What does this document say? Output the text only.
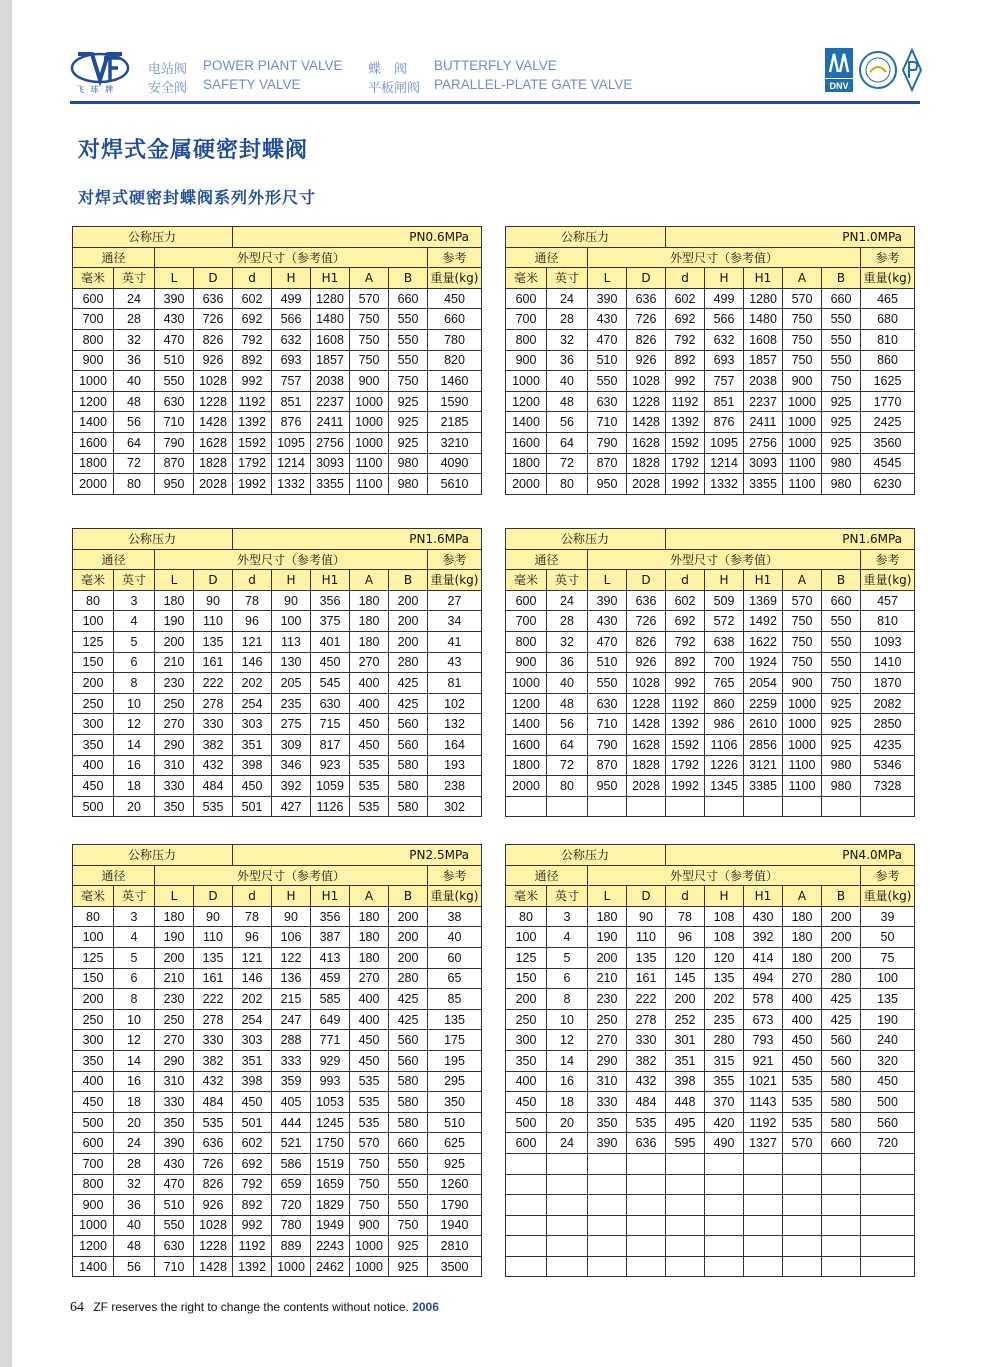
飞 球 牌
电站阀 POWER PIANT VALVE
安全阀 SAFETY VALVE
蝶　阀 BUTTERFLY VALVE
平板闸阀 PARALLEL-PLATE GATE VALVE	DNV
对焊式金属硬密封蝶阀
对焊式硬密封蝶阀系列外形尺寸
公称压力				PN0.6MPa					
通径		外型尺寸（参考值）							参考
毫米	英寸	L	D	d	H	H1	A	B	重量(kg)
600	24	390	636	602	499	1280	570	660	450
700	28	430	726	692	566	1480	750	550	660
800	32	470	826	792	632	1608	750	550	780
900	36	510	926	892	693	1857	750	550	820
1000	40	550	1028	992	757	2038	900	750	1460
1200	48	630	1228	1192	851	2237	1000	925	1590
1400	56	710	1428	1392	876	2411	1000	925	2185
1600	64	790	1628	1592	1095	2756	1000	925	3210
1800	72	870	1828	1792	1214	3093	1100	980	4090
2000	80	950	2028	1992	1332	3355	1100	980	5610
公称压力				PN1.0MPa					
通径		外型尺寸（参考值）							参考
毫米	英寸	L	D	d	H	H1	A	B	重量(kg)
600	24	390	636	602	499	1280	570	660	465
700	28	430	726	692	566	1480	750	550	680
800	32	470	826	792	632	1608	750	550	810
900	36	510	926	892	693	1857	750	550	860
1000	40	550	1028	992	757	2038	900	750	1625
1200	48	630	1228	1192	851	2237	1000	925	1770
1400	56	710	1428	1392	876	2411	1000	925	2425
1600	64	790	1628	1592	1095	2756	1000	925	3560
1800	72	870	1828	1792	1214	3093	1100	980	4545
2000	80	950	2028	1992	1332	3355	1100	980	6230
公称压力				PN1.6MPa					
通径		外型尺寸（参考值）							参考
毫米	英寸	L	D	d	H	H1	A	B	重量(kg)
80	3	180	90	78	90	356	180	200	27
100	4	190	110	96	100	375	180	200	34
125	5	200	135	121	113	401	180	200	41
150	6	210	161	146	130	450	270	280	43
200	8	230	222	202	205	545	400	425	81
250	10	250	278	254	235	630	400	425	102
300	12	270	330	303	275	715	450	560	132
350	14	290	382	351	309	817	450	560	164
400	16	310	432	398	346	923	535	580	193
450	18	330	484	450	392	1059	535	580	238
500	20	350	535	501	427	1126	535	580	302
公称压力				PN1.6MPa					
通径		外型尺寸（参考值）							参考
毫米	英寸	L	D	d	H	H1	A	B	重量(kg)
600	24	390	636	602	509	1369	570	660	457
700	28	430	726	692	572	1492	750	550	810
800	32	470	826	792	638	1622	750	550	1093
900	36	510	926	892	700	1924	750	550	1410
1000	40	550	1028	992	765	2054	900	750	1870
1200	48	630	1228	1192	860	2259	1000	925	2082
1400	56	710	1428	1392	986	2610	1000	925	2850
1600	64	790	1628	1592	1106	2856	1000	925	4235
1800	72	870	1828	1792	1226	3121	1100	980	5346
2000	80	950	2028	1992	1345	3385	1100	980	7328

公称压力				PN2.5MPa					
通径		外型尺寸（参考值）							参考
毫米	英寸	L	D	d	H	H1	A	B	重量(kg)
80	3	180	90	78	90	356	180	200	38
100	4	190	110	96	106	387	180	200	40
125	5	200	135	121	122	413	180	200	60
150	6	210	161	146	136	459	270	280	65
200	8	230	222	202	215	585	400	425	85
250	10	250	278	254	247	649	400	425	135
300	12	270	330	303	288	771	450	560	175
350	14	290	382	351	333	929	450	560	195
400	16	310	432	398	359	993	535	580	295
450	18	330	484	450	405	1053	535	580	350
500	20	350	535	501	444	1245	535	580	510
600	24	390	636	602	521	1750	570	660	625
700	28	430	726	692	586	1519	750	550	925
800	32	470	826	792	659	1659	750	550	1260
900	36	510	926	892	720	1829	750	550	1790
1000	40	550	1028	992	780	1949	900	750	1940
1200	48	630	1228	1192	889	2243	1000	925	2810
1400	56	710	1428	1392	1000	2462	1000	925	3500
公称压力				PN4.0MPa					
通径		外型尺寸（参考值）							参考
毫米	英寸	L	D	d	H	H1	A	B	重量(kg)
80	3	180	90	78	108	430	180	200	39
100	4	190	110	96	108	392	180	200	50
125	5	200	135	120	120	414	180	200	75
150	6	210	161	145	135	494	270	280	100
200	8	230	222	200	202	578	400	425	135
250	10	250	278	252	235	673	400	425	190
300	12	270	330	301	280	793	450	560	240
350	14	290	382	351	315	921	450	560	320
400	16	310	432	398	355	1021	535	580	450
450	18	330	484	448	370	1143	535	580	500
500	20	350	535	495	420	1192	535	580	560
600	24	390	636	595	490	1327	570	660	720

64 ZF reserves the right to change the contents without notice. 2006
